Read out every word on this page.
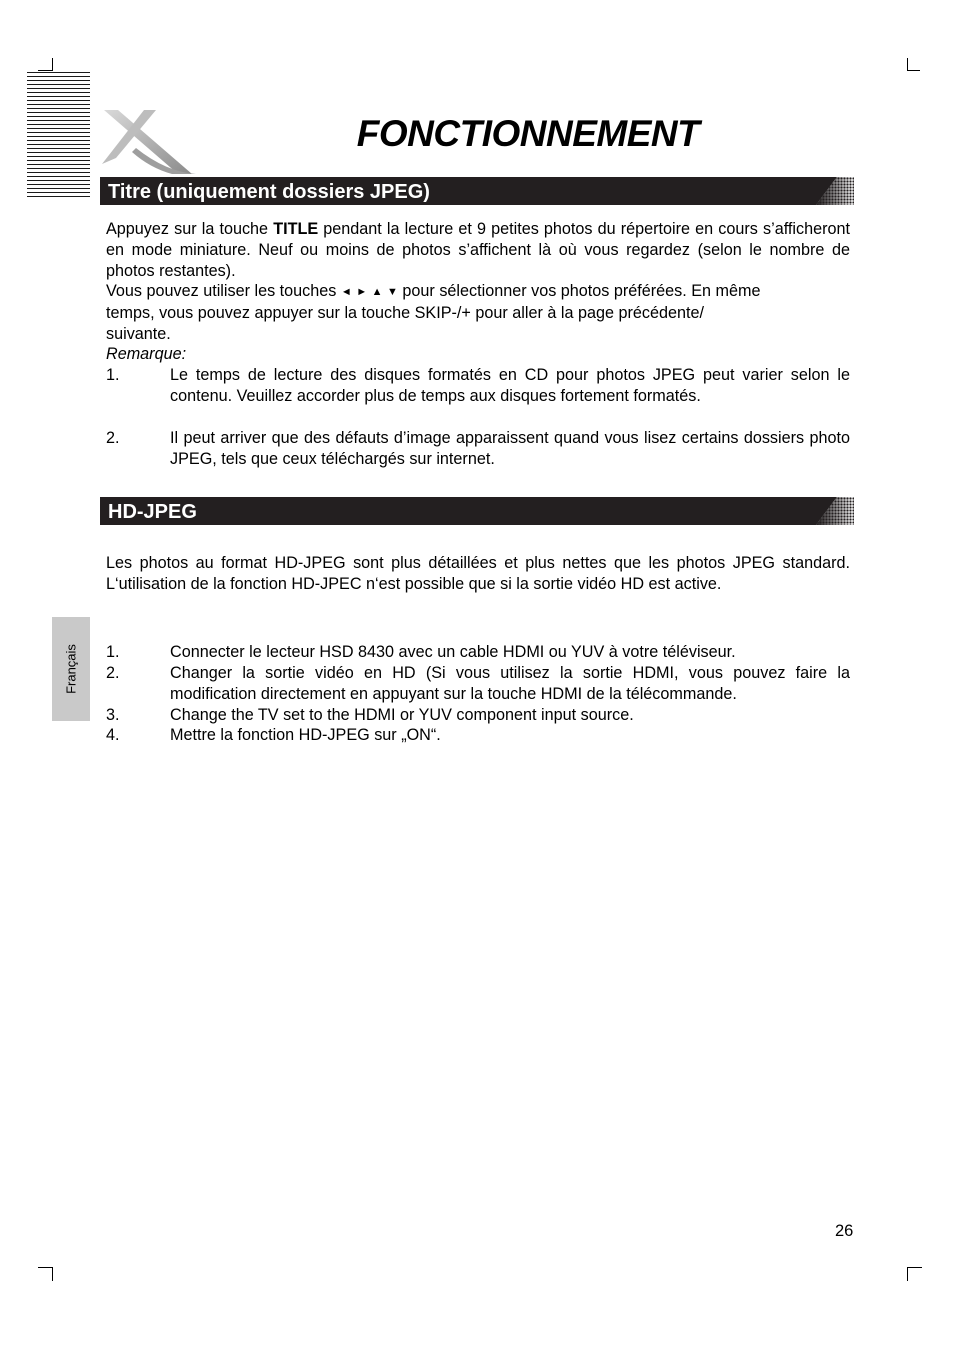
FONCTIONNEMENT
Titre (uniquement dossiers JPEG)
Appuyez sur la touche TITLE pendant la lecture et 9 petites photos du répertoire en cours s’afficheront en mode miniature. Neuf ou moins de photos s’affichent là où vous regardez (selon le nombre de photos restantes).
Vous pouvez utiliser les touches ◄ ► ▲ ▼ pour sélectionner vos photos préférées. En même
temps, vous pouvez appuyer sur la touche SKIP-/+ pour aller à la page précédente/
suivante.
Remarque:
1.	Le temps de lecture des disques formatés en CD pour photos JPEG peut varier selon le contenu. Veuillez accorder plus de temps aux disques fortement formatés.
2.	Il peut arriver que des défauts d’image apparaissent quand vous lisez certains dossiers photo JPEG, tels que ceux téléchargés sur internet.
HD-JPEG
Les photos au format HD-JPEG sont plus détaillées et plus nettes que les photos JPEG standard. L‘utilisation de la fonction HD-JPEC n‘est possible que si la sortie vidéo HD est active.
1.	Connecter le lecteur HSD 8430 avec un cable HDMI ou YUV à votre téléviseur.
2.	Changer la sortie vidéo en HD (Si vous utilisez la sortie HDMI, vous pouvez faire la modification directement en appuyant sur la touche HDMI de la télécommande.
3.	Change the TV set to the HDMI or YUV component input source.
4.	Mettre la fonction HD-JPEG sur „ON“.
Français
26
